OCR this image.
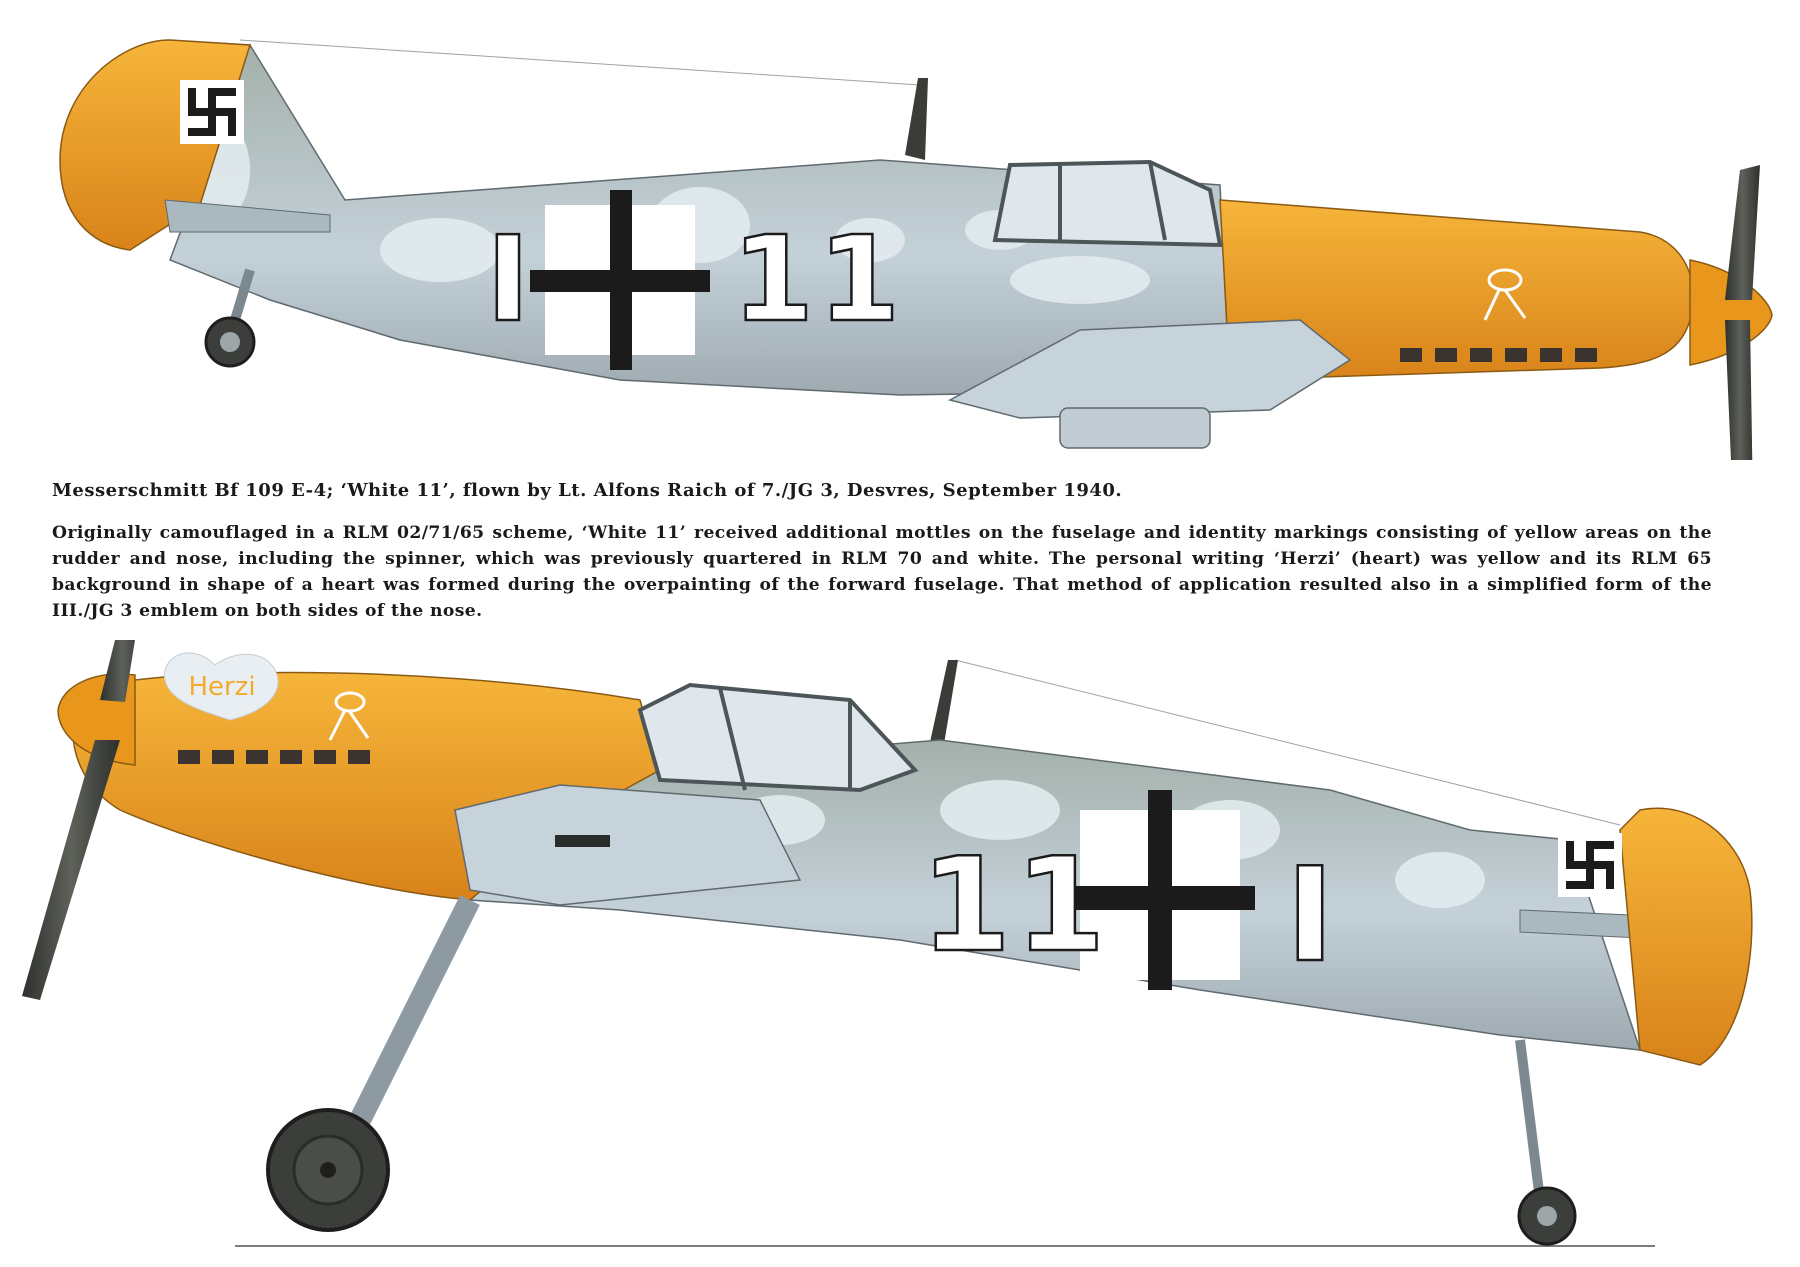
I 11
Messerschmitt Bf 109 E-4; ‘White 11’, flown by Lt. Alfons Raich of 7./JG 3, Desvres, September 1940.
Originally camouflaged in a RLM 02/71/65 scheme, ‘White 11’ received additional mottles on the fuselage and identity markings consisting of yellow areas on the rudder and nose, including the spinner, which was previously quartered in RLM 70 and white. The personal writing ‘Herzi’ (heart) was yellow and its RLM 65 background in shape of a heart was formed during the overpainting of the forward fuselage. That method of application resulted also in a simplified form of the III./JG 3 emblem on both sides of the nose.
Herzi
11 I
